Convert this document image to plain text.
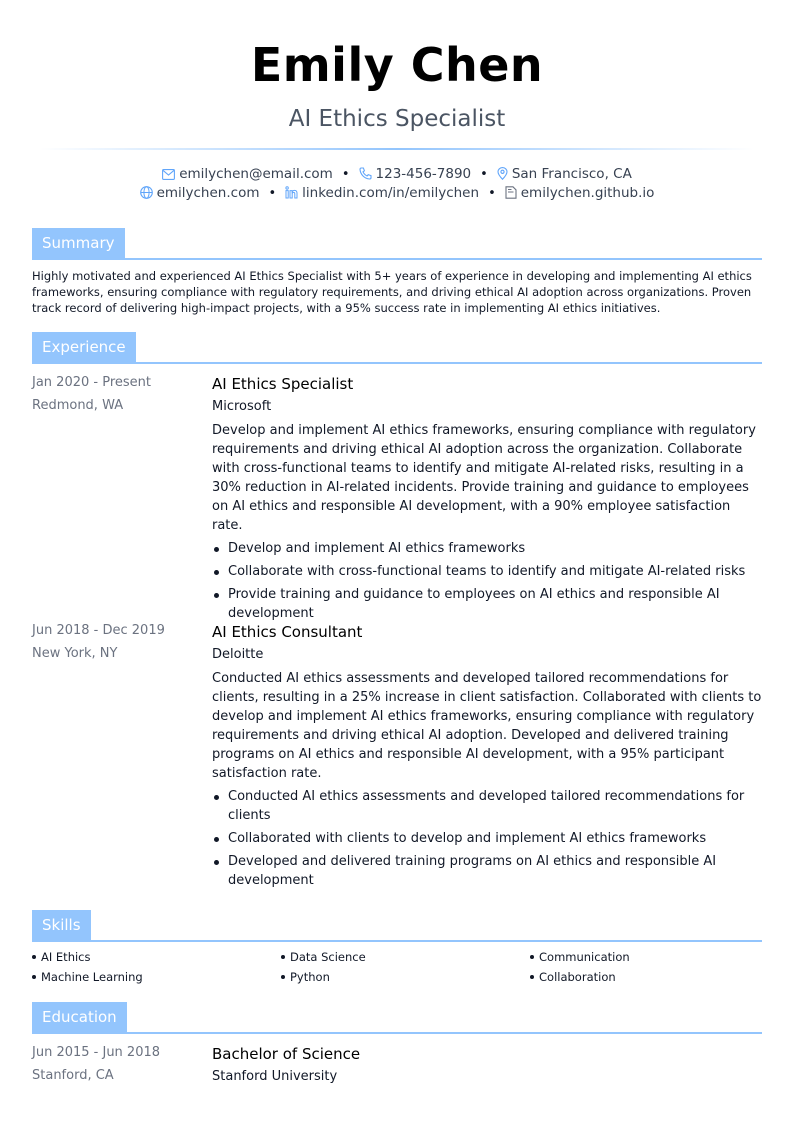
Emily Chen
AI Ethics Specialist
emilychen@email.com • 123-456-7890 • San Francisco, CA
emilychen.com • linkedin.com/in/emilychen • emilychen.github.io
Summary
Highly motivated and experienced AI Ethics Specialist with 5+ years of experience in developing and implementing AI ethics frameworks, ensuring compliance with regulatory requirements, and driving ethical AI adoption across organizations. Proven track record of delivering high-impact projects, with a 95% success rate in implementing AI ethics initiatives.
Experience
Jan 2020 - Present
Redmond, WA
AI Ethics Specialist
Microsoft
Develop and implement AI ethics frameworks, ensuring compliance with regulatory requirements and driving ethical AI adoption across the organization. Collaborate with cross-functional teams to identify and mitigate AI-related risks, resulting in a 30% reduction in AI-related incidents. Provide training and guidance to employees on AI ethics and responsible AI development, with a 90% employee satisfaction rate.
Develop and implement AI ethics frameworks
Collaborate with cross-functional teams to identify and mitigate AI-related risks
Provide training and guidance to employees on AI ethics and responsible AI development
Jun 2018 - Dec 2019
New York, NY
AI Ethics Consultant
Deloitte
Conducted AI ethics assessments and developed tailored recommendations for clients, resulting in a 25% increase in client satisfaction. Collaborated with clients to develop and implement AI ethics frameworks, ensuring compliance with regulatory requirements and driving ethical AI adoption. Developed and delivered training programs on AI ethics and responsible AI development, with a 95% participant satisfaction rate.
Conducted AI ethics assessments and developed tailored recommendations for clients
Collaborated with clients to develop and implement AI ethics frameworks
Developed and delivered training programs on AI ethics and responsible AI development
Skills
AI Ethics	Data Science	Communication
Machine Learning	Python	Collaboration
Education
Jun 2015 - Jun 2018
Stanford, CA
Bachelor of Science
Stanford University
